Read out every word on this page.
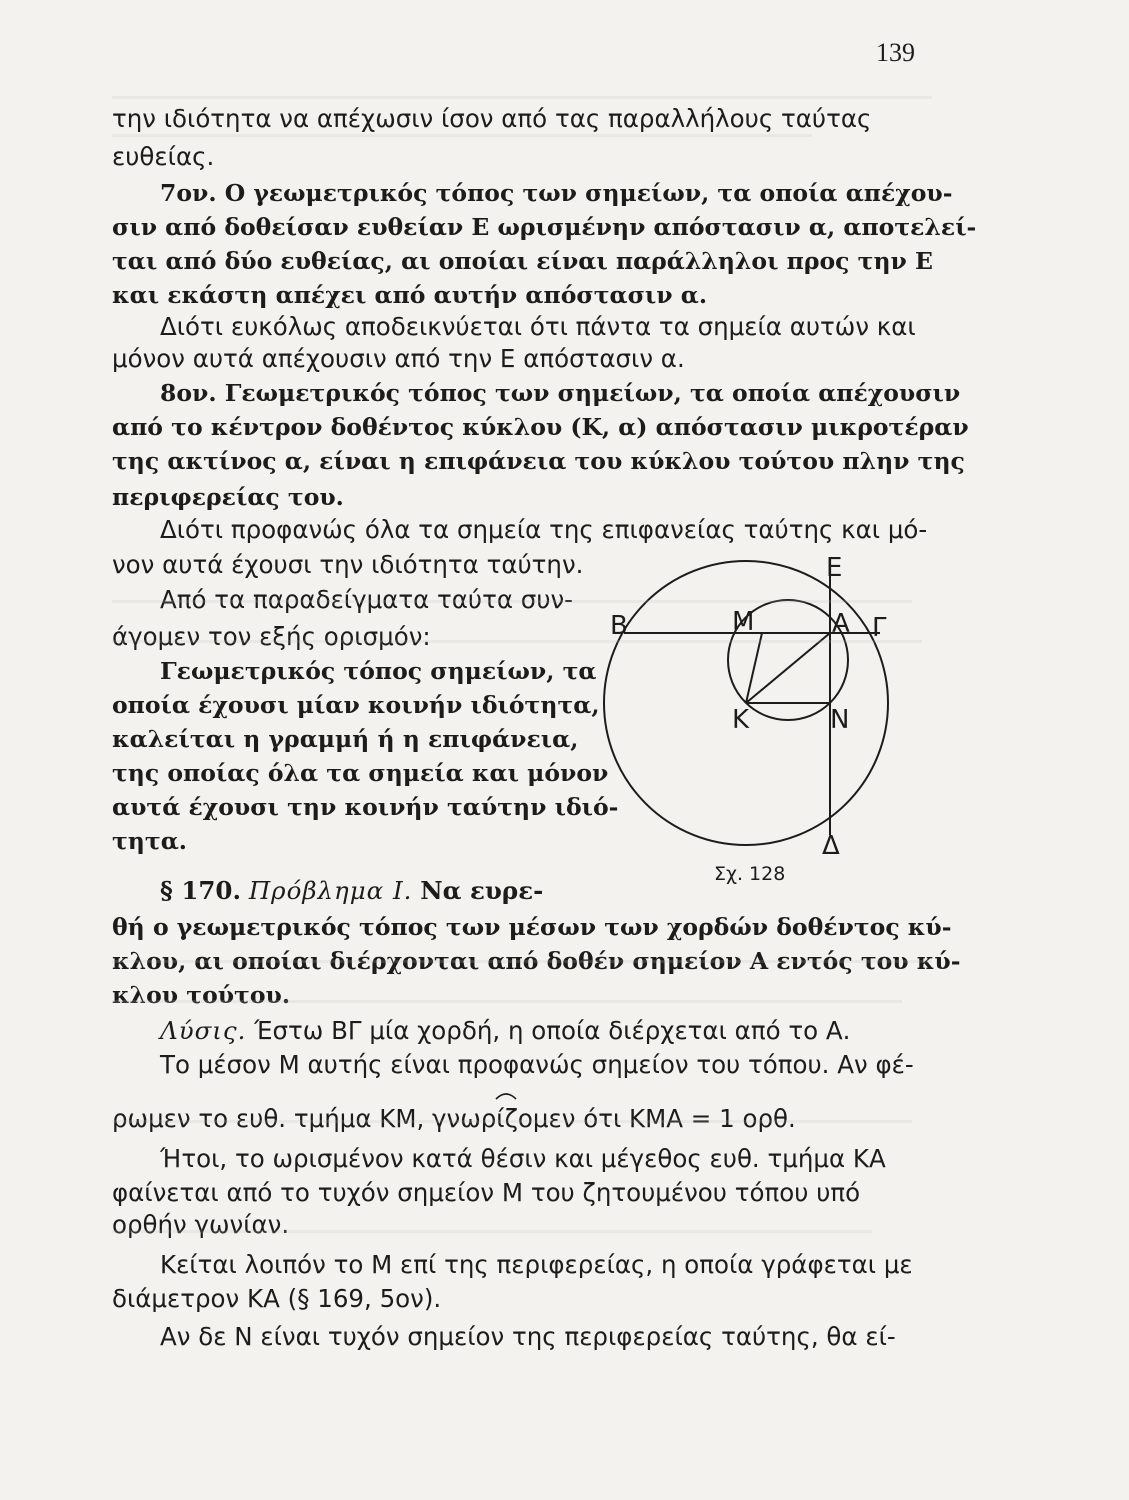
139
την ιδιότητα να απέχωσιν ίσον από τας παραλλήλους ταύτας
ευθείας.
7ον. Ο γεωμετρικός τόπος των σημείων, τα οποία απέχου-
σιν από δοθείσαν ευθείαν Ε ωρισμένην απόστασιν α, αποτελεί-
ται από δύο ευθείας, αι οποίαι είναι παράλληλοι προς την Ε
και εκάστη απέχει από αυτήν απόστασιν α.
Διότι ευκόλως αποδεικνύεται ότι πάντα τα σημεία αυτών και
μόνον αυτά απέχουσιν από την Ε απόστασιν α.
8ον. Γεωμετρικός τόπος των σημείων, τα οποία απέχουσιν
από το κέντρον δοθέντος κύκλου (Κ, α) απόστασιν μικροτέραν
της ακτίνος α, είναι η επιφάνεια του κύκλου τούτου πλην της
περιφερείας του.
Διότι προφανώς όλα τα σημεία της επιφανείας ταύτης και μό-
νον αυτά έχουσι την ιδιότητα ταύτην.
Από τα παραδείγματα ταύτα συν-
άγομεν τον εξής ορισμόν:
Γεωμετρικός τόπος σημείων, τα
οποία έχουσι μίαν κοινήν ιδιότητα,
καλείται η γραμμή ή η επιφάνεια,
της οποίας όλα τα σημεία και μόνον
αυτά έχουσι την κοινήν ταύτην ιδιό-
τητα.
§ 170. Πρόβλημα Ι. Να ευρε-
θή ο γεωμετρικός τόπος των μέσων των χορδών δοθέντος κύ-
κλου, αι οποίαι διέρχονται από δοθέν σημείον Α εντός του κύ-
κλου τούτου.
Λύσις. Έστω ΒΓ μία χορδή, η οποία διέρχεται από το Α.
Το μέσον Μ αυτής είναι προφανώς σημείον του τόπου. Αν φέ-
ρωμεν το ευθ. τμήμα ΚΜ, γνωρίζομεν ότι ΚΜΑ = 1 ορθ.
Ήτοι, το ωρισμένον κατά θέσιν και μέγεθος ευθ. τμήμα ΚΑ
φαίνεται από το τυχόν σημείον Μ του ζητουμένου τόπου υπό
ορθήν γωνίαν.
Κείται λοιπόν το Μ επί της περιφερείας, η οποία γράφεται με
διάμετρον ΚΑ (§ 169, 5ον).
Αν δε Ν είναι τυχόν σημείον της περιφερείας ταύτης, θα εί-
Ε
Β	Μ	Α Γ
Κ	Ν
Δ
Σχ. 128
